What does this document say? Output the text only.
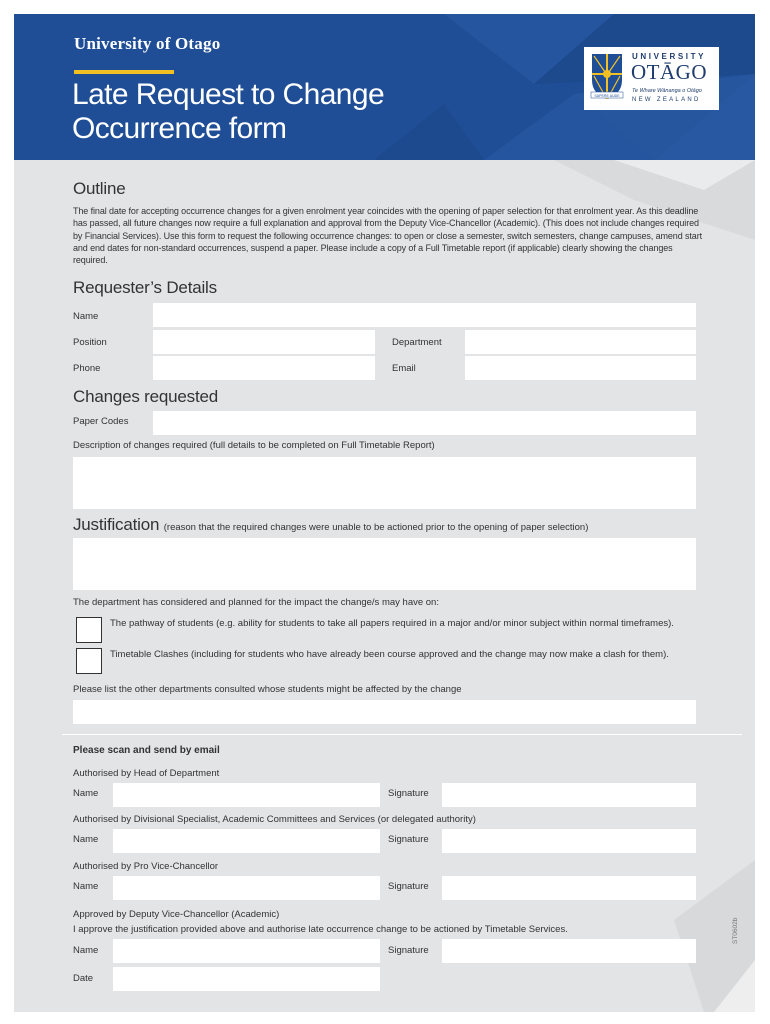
University of Otago
Late Request to Change
Occurrence form
SAPERE AUDE
UNIVERSITY
OTĀGO
Te Whare Wānanga o Otāgo
NEW ZEALAND
Outline
The final date for accepting occurrence changes for a given enrolment year coincides with the opening of paper selection for that enrolment year. As this deadline has passed, all future changes now require a full explanation and approval from the Deputy Vice-Chancellor (Academic). (This does not include changes required by Financial Services). Use this form to request the following occurrence changes: to open or close a semester, switch semesters, change campuses, amend start and end dates for non-standard occurrences, suspend a paper. Please include a copy of a Full Timetable report (if applicable) clearly showing the changes required.
Requester’s Details
Name
Position	Department
Phone	Email
Changes requested
Paper Codes
Description of changes required (full details to be completed on Full Timetable Report)
Justification (reason that the required changes were unable to be actioned prior to the opening of paper selection)
The department has considered and planned for the impact the change/s may have on:
The pathway of students (e.g. ability for students to take all papers required in a major and/or minor subject within normal timeframes).
Timetable Clashes (including for students who have already been course approved and the change may now make a clash for them).
Please list the other departments consulted whose students might be affected by the change
Please scan and send by email
Authorised by Head of Department
Name	Signature
Authorised by Divisional Specialist, Academic Committees and Services (or delegated authority)
Name	Signature
Authorised by Pro Vice-Chancellor
Name	Signature
Approved by Deputy Vice-Chancellor (Academic)
I approve the justification provided above and authorise late occurrence change to be actioned by Timetable Services.
Name	Signature
Date
ST0602b
